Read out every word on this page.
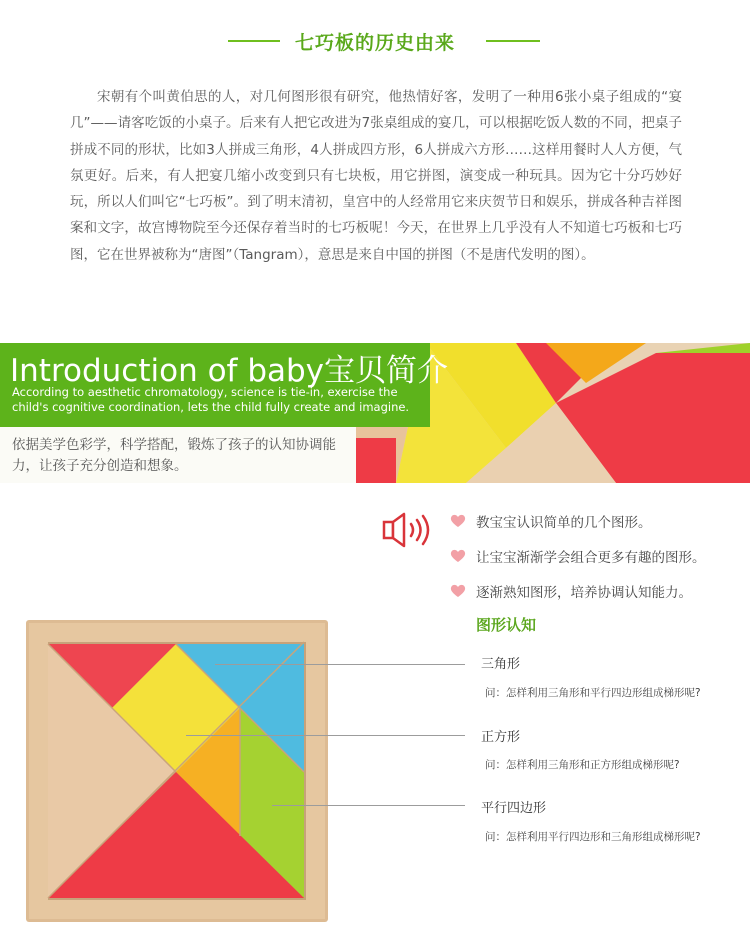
七巧板的历史由来

宋朝有个叫黄伯思的人，对几何图形很有研究，他热情好客，发明了一种用6张小桌子组成的“宴几”——请客吃饭的小桌子。后来有人把它改进为7张桌组成的宴几，可以根据吃饭人数的不同，把桌子拼成不同的形状，比如3人拼成三角形，4人拼成四方形，6人拼成六方形……这样用餐时人人方便，气氛更好。后来，有人把宴几缩小改变到只有七块板，用它拼图，演变成一种玩具。因为它十分巧妙好玩，所以人们叫它“七巧板”。到了明末清初，皇宫中的人经常用它来庆贺节日和娱乐，拼成各种吉祥图案和文字，故宫博物院至今还保存着当时的七巧板呢！今天，在世界上几乎没有人不知道七巧板和七巧图，它在世界被称为“唐图”（Tangram），意思是来自中国的拼图（不是唐代发明的图）。

Introduction of baby宝贝简介
According to aesthetic chromatology, science is tie-in, exercise the child's cognitive coordination, lets the child fully create and imagine.
依据美学色彩学，科学搭配，锻炼了孩子的认知协调能力，让孩子充分创造和想象。
教宝宝认识简单的几个图形。
让宝宝渐渐学会组合更多有趣的图形。
逐渐熟知图形，培养协调认知能力。
图形认知
三角形
问：怎样利用三角形和平行四边形组成梯形呢?
正方形
问：怎样利用三角形和正方形组成梯形呢?
平行四边形
问：怎样利用平行四边形和三角形组成梯形呢?
